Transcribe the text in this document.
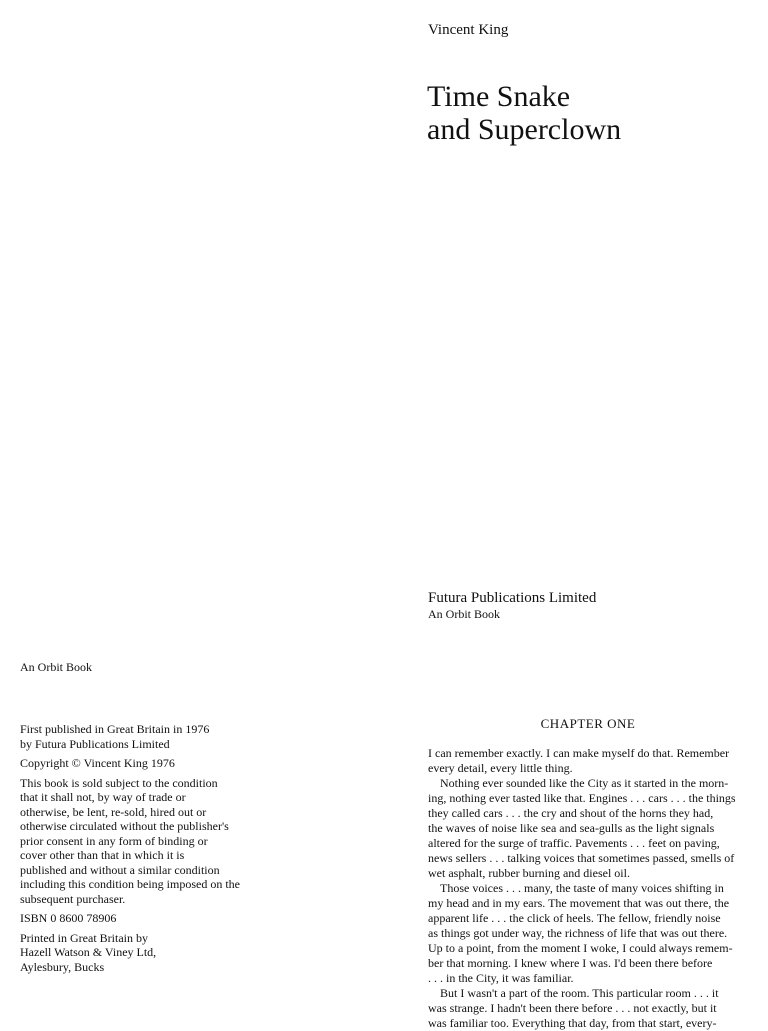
Vincent King
Time Snake
and Superclown
Futura Publications Limited
An Orbit Book
An Orbit Book
First published in Great Britain in 1976
by Futura Publications Limited
Copyright © Vincent King 1976
This book is sold subject to the condition
that it shall not, by way of trade or
otherwise, be lent, re-sold, hired out or
otherwise circulated without the publisher's
prior consent in any form of binding or
cover other than that in which it is
published and without a similar condition
including this condition being imposed on the
subsequent purchaser.
ISBN 0 8600 78906
Printed in Great Britain by
Hazell Watson & Viney Ltd,
Aylesbury, Bucks
CHAPTER ONE
I can remember exactly. I can make myself do that. Remember
every detail, every little thing.
Nothing ever sounded like the City as it started in the morn-
ing, nothing ever tasted like that. Engines . . . cars . . . the things
they called cars . . . the cry and shout of the horns they had,
the waves of noise like sea and sea-gulls as the light signals
altered for the surge of traffic. Pavements . . . feet on paving,
news sellers . . . talking voices that sometimes passed, smells of
wet asphalt, rubber burning and diesel oil.
Those voices . . . many, the taste of many voices shifting in
my head and in my ears. The movement that was out there, the
apparent life . . . the click of heels. The fellow, friendly noise
as things got under way, the richness of life that was out there.
Up to a point, from the moment I woke, I could always remem-
ber that morning. I knew where I was. I'd been there before
. . . in the City, it was familiar.
But I wasn't a part of the room. This particular room . . . it
was strange. I hadn't been there before . . . not exactly, but it
was familiar too. Everything that day, from that start, every-
